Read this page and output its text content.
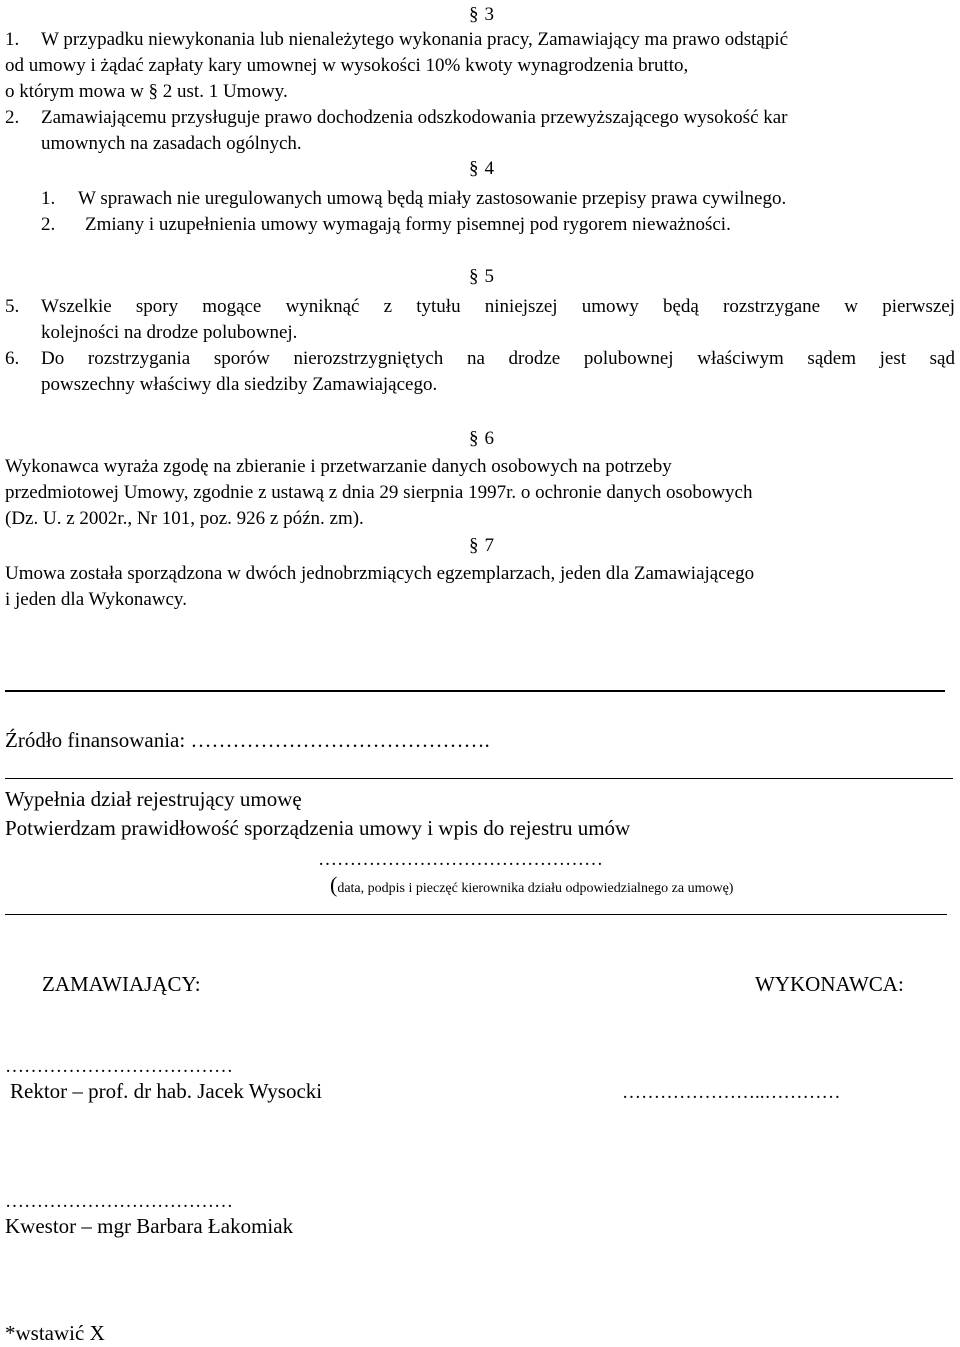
§ 3
1. W przypadku niewykonania lub nienależytego wykonania pracy, Zamawiający ma prawo odstąpić
od umowy i żądać zapłaty kary umownej w wysokości 10% kwoty wynagrodzenia brutto,
o którym mowa w § 2 ust. 1 Umowy.
2. Zamawiającemu przysługuje prawo dochodzenia odszkodowania przewyższającego wysokość kar
umownych na zasadach ogólnych.
§ 4
1. W sprawach nie uregulowanych umową będą miały zastosowanie przepisy prawa cywilnego.
2. Zmiany i uzupełnienia umowy wymagają formy pisemnej pod rygorem nieważności.
§ 5
5. Wszelkie spory mogące wyniknąć z tytułu niniejszej umowy będą rozstrzygane w pierwszej
kolejności na drodze polubownej.
6. Do rozstrzygania sporów nierozstrzygniętych na drodze polubownej właściwym sądem jest sąd
powszechny właściwy dla siedziby Zamawiającego.
§ 6
Wykonawca wyraża zgodę na zbieranie i przetwarzanie danych osobowych na potrzeby
przedmiotowej Umowy, zgodnie z ustawą z dnia 29 sierpnia 1997r. o ochronie danych osobowych
(Dz. U. z 2002r., Nr 101, poz. 926 z późn. zm).
§ 7
Umowa została sporządzona w dwóch jednobrzmiących egzemplarzach, jeden dla Zamawiającego
i jeden dla Wykonawcy.
Źródło finansowania: …………………………………….
Wypełnia dział rejestrujący umowę
Potwierdzam prawidłowość sporządzenia umowy i wpis do rejestru umów
………………………………………
(data, podpis i pieczęć kierownika działu odpowiedzialnego za umowę)
ZAMAWIAJĄCY:	WYKONAWCA:
………………………………
Rektor – prof. dr hab. Jacek Wysocki	…………………..…………
………………………………
Kwestor – mgr Barbara Łakomiak
*wstawić X
